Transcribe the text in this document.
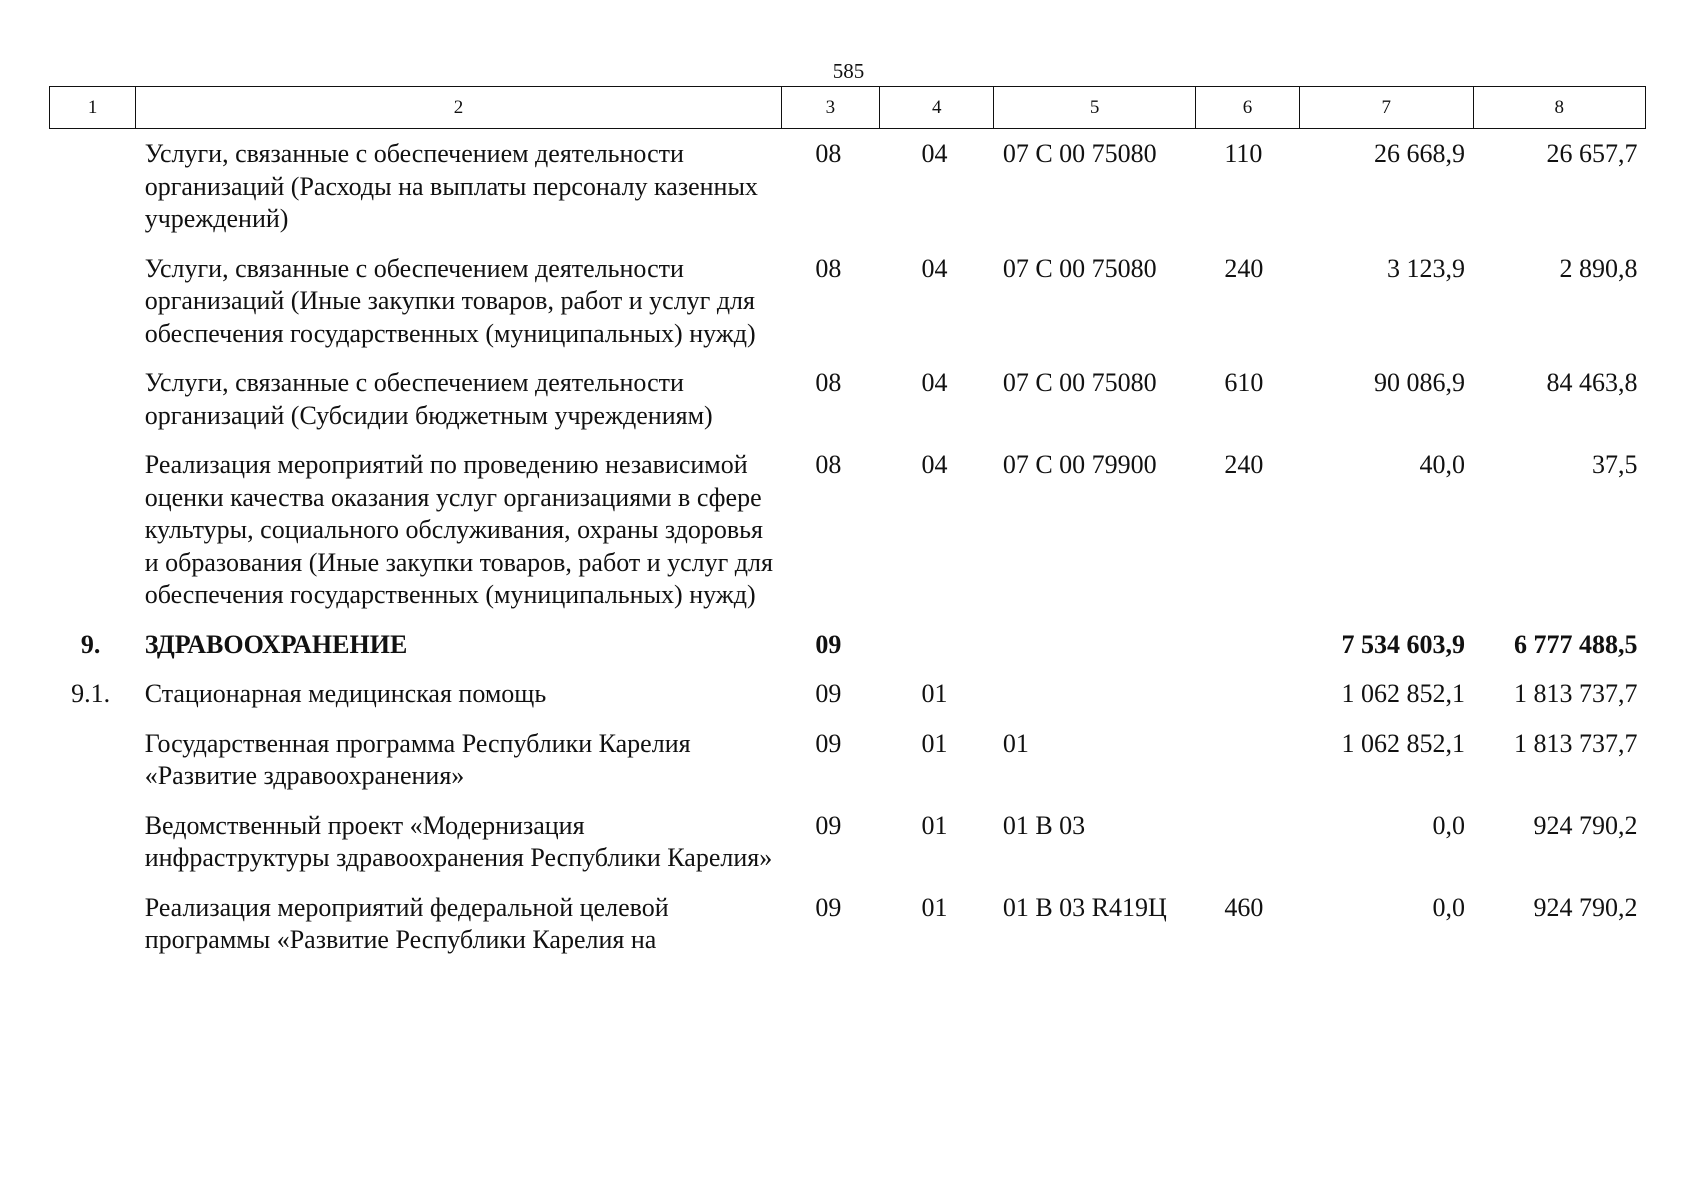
585
1	2	3	4	5	6	7	8
	Услуги, связанные с обеспечением деятельности организаций (Расходы на выплаты персоналу казенных учреждений)	08	04	07 С 00 75080	110	26 668,9	26 657,7
	Услуги, связанные с обеспечением деятельности организаций (Иные закупки товаров, работ и услуг для обеспечения государственных (муниципальных) нужд)	08	04	07 С 00 75080	240	3 123,9	2 890,8
	Услуги, связанные с обеспечением деятельности организаций (Субсидии бюджетным учреждениям)	08	04	07 С 00 75080	610	90 086,9	84 463,8
	Реализация мероприятий по проведению независимой оценки качества оказания услуг организациями в сфере культуры, социального обслуживания, охраны здоровья и образования (Иные закупки товаров, работ и услуг для обеспечения государственных (муниципальных) нужд)	08	04	07 С 00 79900	240	40,0	37,5
9.	ЗДРАВООХРАНЕНИЕ	09				7 534 603,9	6 777 488,5
9.1.	Стационарная медицинская помощь	09	01			1 062 852,1	1 813 737,7
	Государственная программа Республики Карелия «Развитие здравоохранения»	09	01	01		1 062 852,1	1 813 737,7
	Ведомственный проект «Модернизация инфраструктуры здравоохранения Республики Карелия»	09	01	01 В 03		0,0	924 790,2
	Реализация мероприятий федеральной целевой программы «Развитие Республики Карелия на	09	01	01 В 03 R419Ц	460	0,0	924 790,2
